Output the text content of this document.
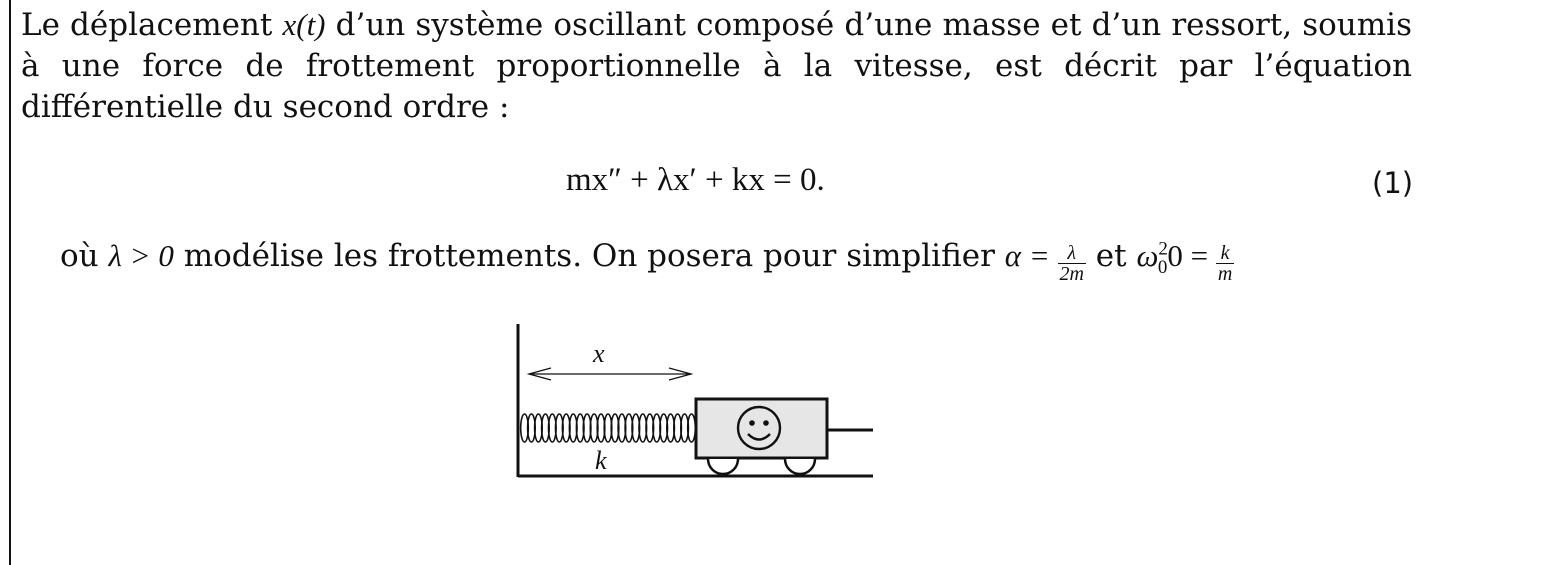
Le déplacement x(t) d’un système oscillant composé d’une masse et d’un ressort, soumis à une force de frottement proportionnelle à la vitesse, est décrit par l’équation différentielle du second ordre :
mx″ + λx′ + kx = 0.	(1)
où λ > 0 modélise les frottements. On posera pour simplifier $\alpha = \frac{\lambda}{2m}$ et $\omega^2_00 = \frac{k}{m}$
x
k
